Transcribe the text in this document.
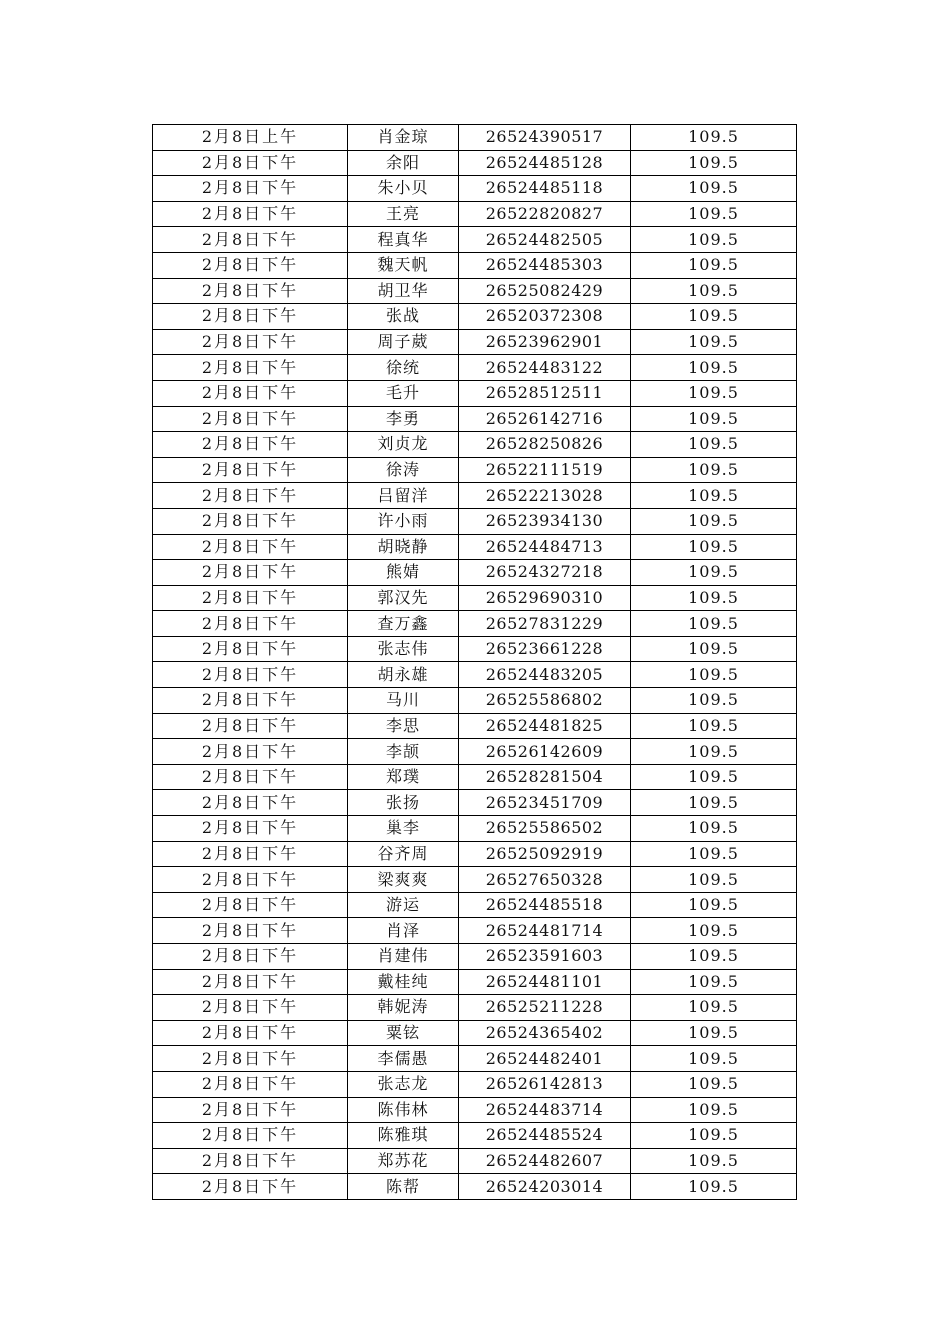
2月8日上午	肖金琼	26524390517	109.5
2月8日下午	余阳	26524485128	109.5
2月8日下午	朱小贝	26524485118	109.5
2月8日下午	王亮	26522820827	109.5
2月8日下午	程真华	26524482505	109.5
2月8日下午	魏天帆	26524485303	109.5
2月8日下午	胡卫华	26525082429	109.5
2月8日下午	张战	26520372308	109.5
2月8日下午	周子葳	26523962901	109.5
2月8日下午	徐统	26524483122	109.5
2月8日下午	毛升	26528512511	109.5
2月8日下午	李勇	26526142716	109.5
2月8日下午	刘贞龙	26528250826	109.5
2月8日下午	徐涛	26522111519	109.5
2月8日下午	吕留洋	26522213028	109.5
2月8日下午	许小雨	26523934130	109.5
2月8日下午	胡晓静	26524484713	109.5
2月8日下午	熊婧	26524327218	109.5
2月8日下午	郭汉先	26529690310	109.5
2月8日下午	查万鑫	26527831229	109.5
2月8日下午	张志伟	26523661228	109.5
2月8日下午	胡永雄	26524483205	109.5
2月8日下午	马川	26525586802	109.5
2月8日下午	李思	26524481825	109.5
2月8日下午	李颉	26526142609	109.5
2月8日下午	郑璞	26528281504	109.5
2月8日下午	张扬	26523451709	109.5
2月8日下午	巢李	26525586502	109.5
2月8日下午	谷齐周	26525092919	109.5
2月8日下午	梁爽爽	26527650328	109.5
2月8日下午	游运	26524485518	109.5
2月8日下午	肖泽	26524481714	109.5
2月8日下午	肖建伟	26523591603	109.5
2月8日下午	戴桂纯	26524481101	109.5
2月8日下午	韩妮涛	26525211228	109.5
2月8日下午	粟铉	26524365402	109.5
2月8日下午	李儒愚	26524482401	109.5
2月8日下午	张志龙	26526142813	109.5
2月8日下午	陈伟林	26524483714	109.5
2月8日下午	陈雅琪	26524485524	109.5
2月8日下午	郑苏花	26524482607	109.5
2月8日下午	陈帮	26524203014	109.5
